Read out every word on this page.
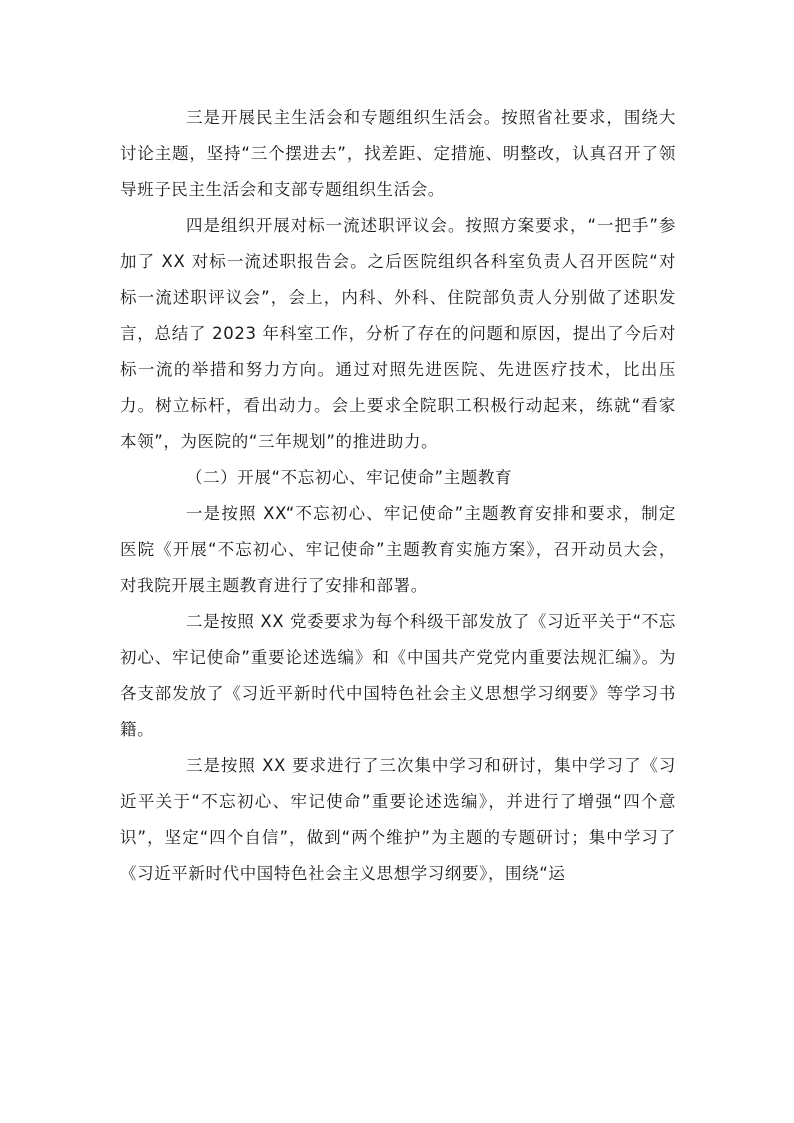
三是开展民主生活会和专题组织生活会。按照省社要求，围绕大讨论主题，坚持“三个摆进去”，找差距、定措施、明整改，认真召开了领导班子民主生活会和支部专题组织生活会。

四是组织开展对标一流述职评议会。按照方案要求，“一把手”参加了 XX 对标一流述职报告会。之后医院组织各科室负责人召开医院“对标一流述职评议会”，会上，内科、外科、住院部负责人分别做了述职发言，总结了 2023 年科室工作，分析了存在的问题和原因，提出了今后对标一流的举措和努力方向。通过对照先进医院、先进医疗技术，比出压力。树立标杆，看出动力。会上要求全院职工积极行动起来，练就“看家本领”，为医院的“三年规划”的推进助力。

（二）开展“不忘初心、牢记使命”主题教育

一是按照 XX“不忘初心、牢记使命”主题教育安排和要求，制定医院《开展“不忘初心、牢记使命”主题教育实施方案》，召开动员大会，对我院开展主题教育进行了安排和部署。

二是按照 XX 党委要求为每个科级干部发放了《习近平关于“不忘初心、牢记使命”重要论述选编》和《中国共产党党内重要法规汇编》。为各支部发放了《习近平新时代中国特色社会主义思想学习纲要》等学习书籍。

三是按照 XX 要求进行了三次集中学习和研讨，集中学习了《习近平关于“不忘初心、牢记使命”重要论述选编》，并进行了增强“四个意识”，坚定“四个自信”，做到“两个维护”为主题的专题研讨；集中学习了《习近平新时代中国特色社会主义思想学习纲要》，围绕“运
